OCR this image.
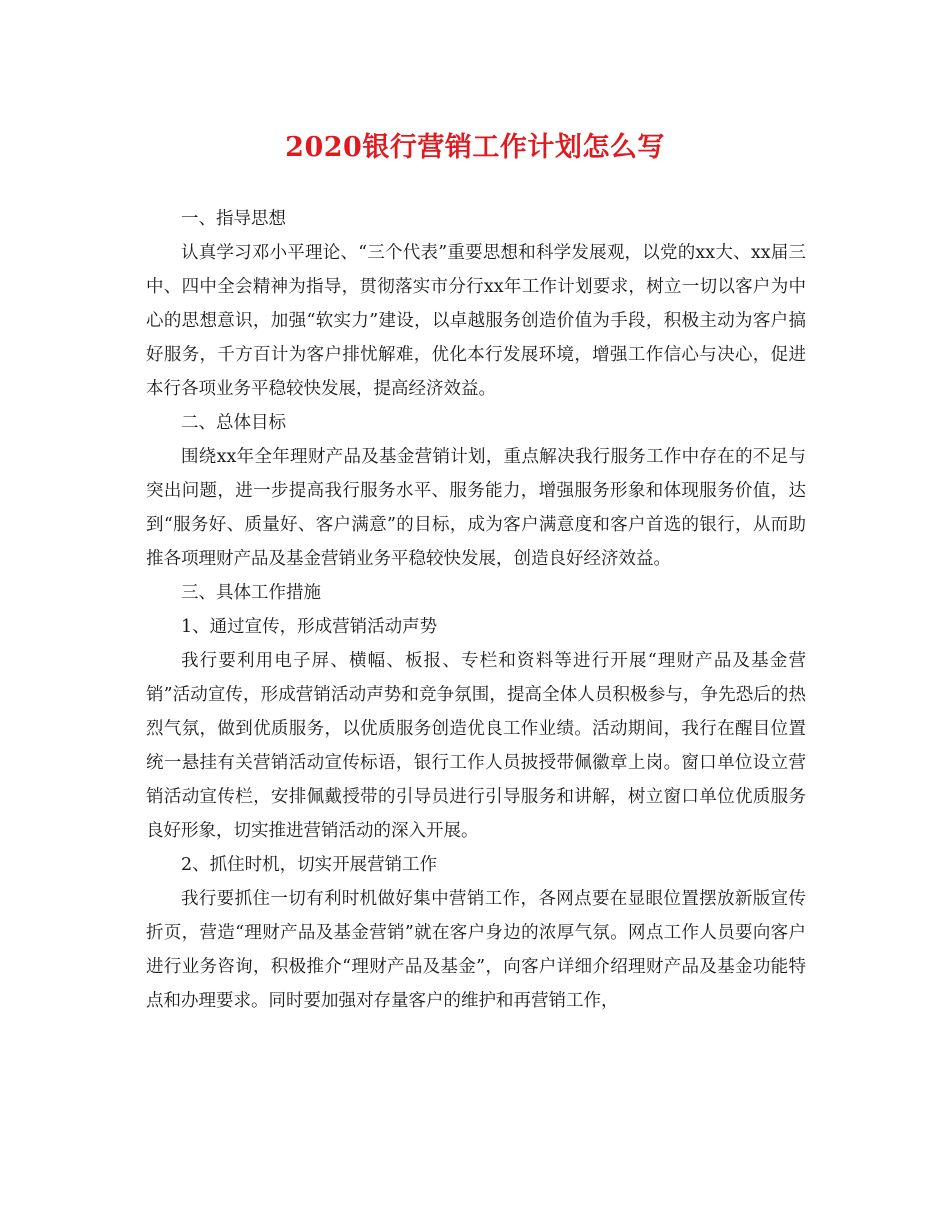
2020银行营销工作计划怎么写

一、指导思想

认真学习邓小平理论、“三个代表”重要思想和科学发展观，以党的xx大、xx届三中、四中全会精神为指导，贯彻落实市分行xx年工作计划要求，树立一切以客户为中心的思想意识，加强“软实力”建设，以卓越服务创造价值为手段，积极主动为客户搞好服务，千方百计为客户排忧解难，优化本行发展环境，增强工作信心与决心，促进本行各项业务平稳较快发展，提高经济效益。

二、总体目标

围绕xx年全年理财产品及基金营销计划，重点解决我行服务工作中存在的不足与突出问题，进一步提高我行服务水平、服务能力，增强服务形象和体现服务价值，达到“服务好、质量好、客户满意”的目标，成为客户满意度和客户首选的银行，从而助推各项理财产品及基金营销业务平稳较快发展，创造良好经济效益。

三、具体工作措施

1、通过宣传，形成营销活动声势

我行要利用电子屏、横幅、板报、专栏和资料等进行开展“理财产品及基金营销”活动宣传，形成营销活动声势和竞争氛围，提高全体人员积极参与，争先恐后的热烈气氛，做到优质服务，以优质服务创造优良工作业绩。活动期间，我行在醒目位置统一悬挂有关营销活动宣传标语，银行工作人员披授带佩徽章上岗。窗口单位设立营销活动宣传栏，安排佩戴授带的引导员进行引导服务和讲解，树立窗口单位优质服务良好形象，切实推进营销活动的深入开展。

2、抓住时机，切实开展营销工作

我行要抓住一切有利时机做好集中营销工作，各网点要在显眼位置摆放新版宣传折页，营造“理财产品及基金营销”就在客户身边的浓厚气氛。网点工作人员要向客户进行业务咨询，积极推介“理财产品及基金”，向客户详细介绍理财产品及基金功能特点和办理要求。同时要加强对存量客户的维护和再营销工作，
